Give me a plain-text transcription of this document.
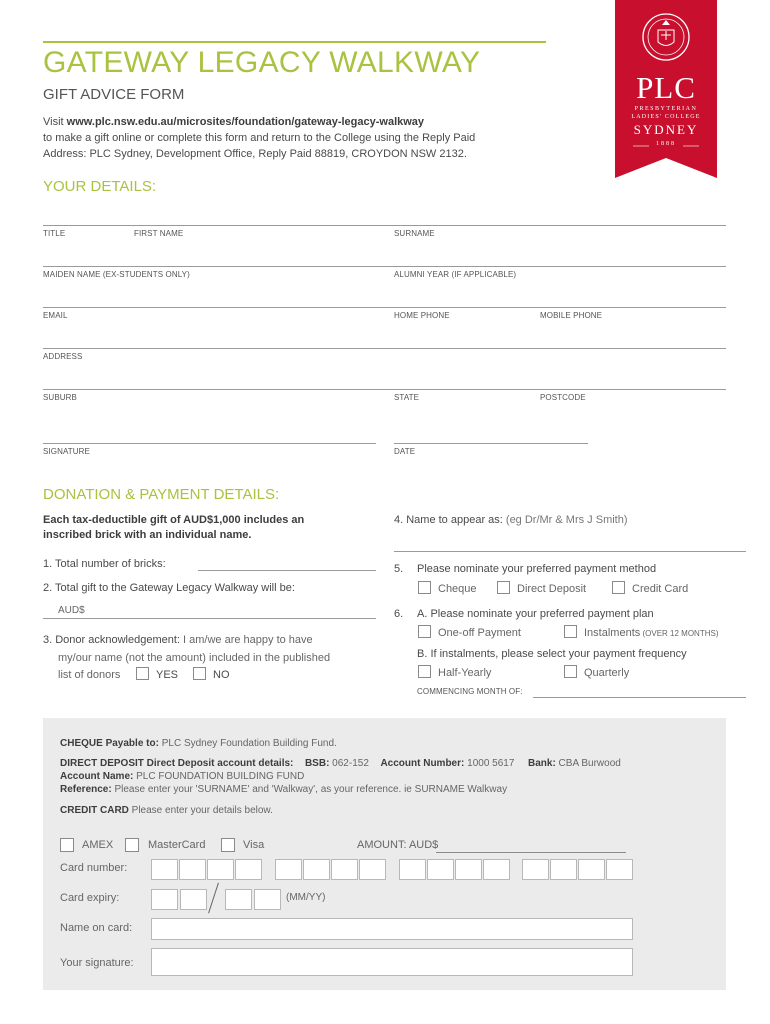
PLC
PRESBYTERIAN
LADIES' COLLEGE
SYDNEY
1888
GATEWAY LEGACY WALKWAY
GIFT ADVICE FORM
Visit www.plc.nsw.edu.au/microsites/foundation/gateway-legacy-walkway
to make a gift online or complete this form and return to the College using the Reply Paid
Address: PLC Sydney, Development Office, Reply Paid 88819, CROYDON NSW 2132.
YOUR DETAILS:
TITLE	FIRST NAME	SURNAME
MAIDEN NAME (EX-STUDENTS ONLY)	ALUMNI YEAR (IF APPLICABLE)
EMAIL	HOME PHONE	MOBILE PHONE
ADDRESS
SUBURB	STATE	POSTCODE
SIGNATURE	DATE
DONATION & PAYMENT DETAILS:
Each tax-deductible gift of AUD$1,000 includes an
inscribed brick with an individual name.
1. Total number of bricks:
2. Total gift to the Gateway Legacy Walkway will be:
AUD$
3. Donor acknowledgement: I am/we are happy to have
my/our name (not the amount) included in the published
list of donors	YES	NO
4. Name to appear as: (eg Dr/Mr & Mrs J Smith)
5. Please nominate your preferred payment method
Cheque	Direct Deposit	Credit Card
6. A. Please nominate your preferred payment plan
One-off Payment	Instalments (OVER 12 MONTHS)
B. If instalments, please select your payment frequency
Half-Yearly	Quarterly
COMMENCING MONTH OF:
CHEQUE Payable to: PLC Sydney Foundation Building Fund.
DIRECT DEPOSIT Direct Deposit account details: BSB: 062-152 Account Number: 1000 5617 Bank: CBA Burwood
Account Name: PLC FOUNDATION BUILDING FUND
Reference: Please enter your 'SURNAME' and 'Walkway', as your reference. ie SURNAME Walkway
CREDIT CARD Please enter your details below.
AMEX	MasterCard	Visa	AMOUNT: AUD$
Card number:
Card expiry:	(MM/YY)
Name on card:
Your signature:
